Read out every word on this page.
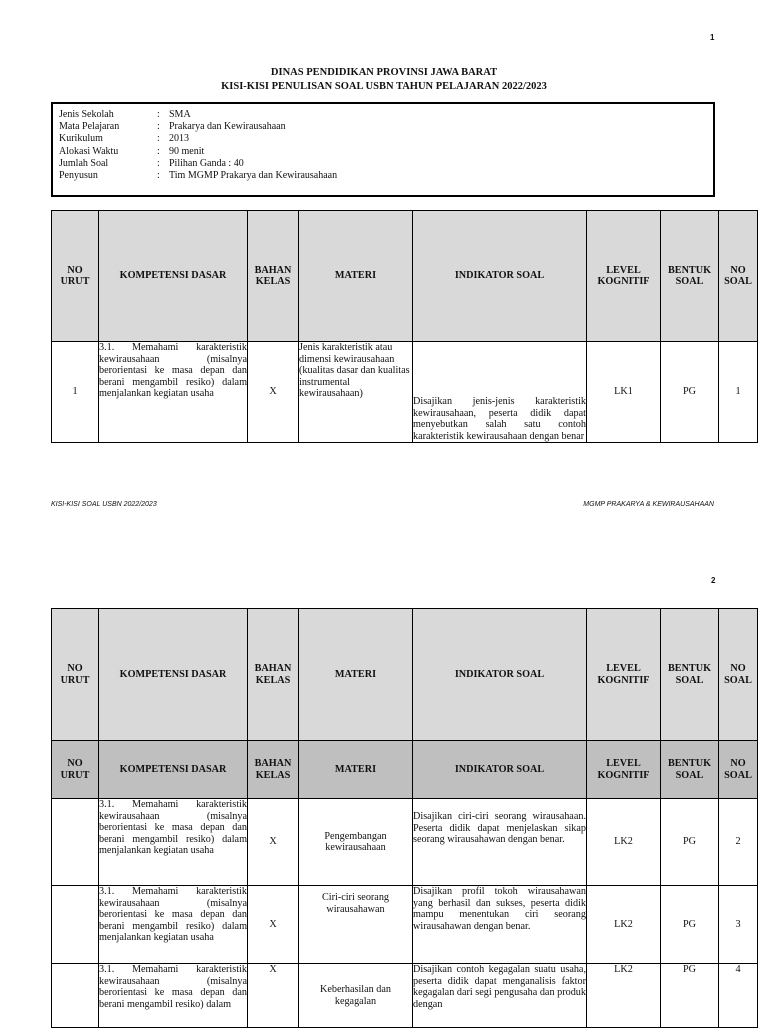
1
DINAS PENDIDIKAN PROVINSI JAWA BARAT
KISI-KISI PENULISAN SOAL USBN TAHUN PELAJARAN 2022/2023
Jenis Sekolah	: SMA
Mata Pelajaran	: Prakarya dan Kewirausahaan
Kurikulum	: 2013
Alokasi Waktu	: 90 menit
Jumlah Soal	: Pilihan Ganda : 40
Penyusun	: Tim MGMP Prakarya dan Kewirausahaan
NO URUT	KOMPETENSI DASAR	BAHAN KELAS	MATERI	INDIKATOR SOAL	LEVEL KOGNITIF	BENTUK SOAL	NO SOAL
1	3.1. Memahami karakteristik kewirausahaan (misalnya berorientasi ke masa depan dan berani mengambil resiko) dalam menjalankan kegiatan usaha	X	Jenis karakteristik atau dimensi kewirausahaan (kualitas dasar dan kualitas instrumental kewirausahaan)	Disajikan jenis-jenis karakteristik kewirausahaan, peserta didik dapat menyebutkan salah satu contoh karakteristik kewirausahaan dengan benar	LK1	PG	1
KISI-KISI SOAL USBN 2022/2023	MGMP PRAKARYA & KEWIRAUSAHAAN
2
NO URUT	KOMPETENSI DASAR	BAHAN KELAS	MATERI	INDIKATOR SOAL	LEVEL KOGNITIF	BENTUK SOAL	NO SOAL
NO URUT	KOMPETENSI DASAR	BAHAN KELAS	MATERI	INDIKATOR SOAL	LEVEL KOGNITIF	BENTUK SOAL	NO SOAL
	3.1. Memahami karakteristik kewirausahaan (misalnya berorientasi ke masa depan dan berani mengambil resiko) dalam menjalankan kegiatan usaha	X	Pengembangan kewirausahaan	Disajikan ciri-ciri seorang wirausahaan. Peserta didik dapat menjelaskan sikap seorang wirausahawan dengan benar.	LK2	PG	2
	3.1. Memahami karakteristik kewirausahaan (misalnya berorientasi ke masa depan dan berani mengambil resiko) dalam menjalankan kegiatan usaha	X	Ciri-ciri seorang wirausahawan	Disajikan profil tokoh wirausahawan yang berhasil dan sukses, peserta didik mampu menentukan ciri seorang wirausahawan dengan benar.	LK2	PG	3
	3.1. Memahami karakteristik kewirausahaan (misalnya berorientasi ke masa depan dan berani mengambil resiko) dalam	X	Keberhasilan dan kegagalan	Disajikan contoh kegagalan suatu usaha, peserta didik dapat menganalisis faktor kegagalan dari segi pengusaha dan produk dengan	LK2	PG	4
